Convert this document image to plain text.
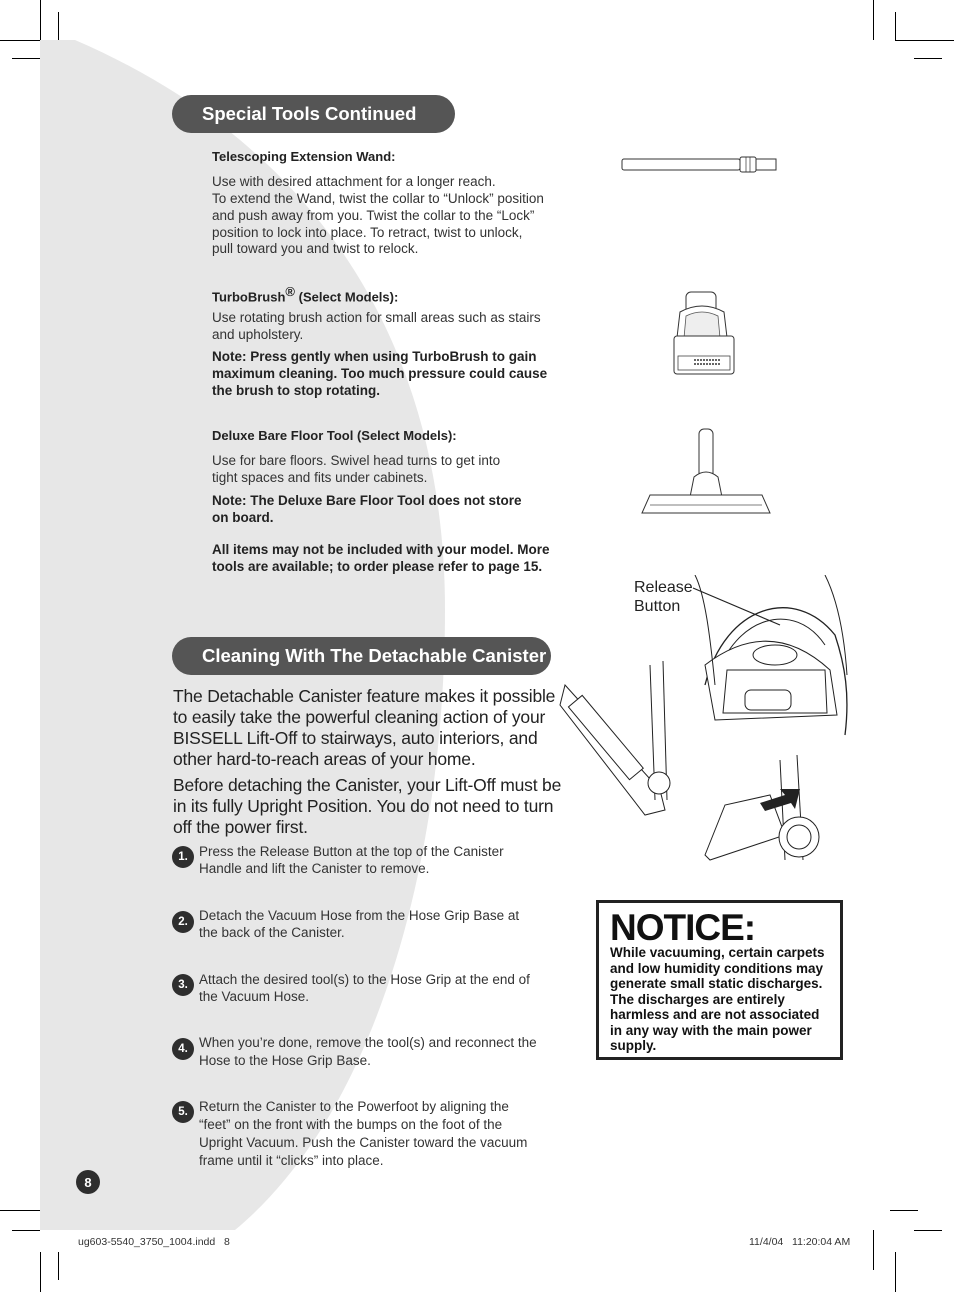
Special Tools Continued
Telescoping Extension Wand:
Use with desired attachment for a longer reach.
To extend the Wand, twist the collar to “Unlock” position
and push away from you. Twist the collar to the “Lock”
position to lock into place. To retract, twist to unlock,
pull toward you and twist to relock.
TurboBrush® (Select Models):
Use rotating brush action for small areas such as stairs
and upholstery.
Note: Press gently when using TurboBrush to gain
maximum cleaning. Too much pressure could cause
the brush to stop rotating.
Deluxe Bare Floor Tool (Select Models):
Use for bare floors. Swivel head turns to get into
tight spaces and fits under cabinets.
Note: The Deluxe Bare Floor Tool does not store
on board.
All items may not be included with your model. More
tools are available; to order please refer to page 15.
Release
Button
Cleaning With The Detachable Canister
The Detachable Canister feature makes it possible
to easily take the powerful cleaning action of your
BISSELL Lift-Off to stairways, auto interiors, and
other hard-to-reach areas of your home.
Before detaching the Canister, your Lift-Off must be
in its fully Upright Position. You do not need to turn
off the power first.
1. Press the Release Button at the top of the Canister
Handle and lift the Canister to remove.
2. Detach the Vacuum Hose from the Hose Grip Base at
the back of the Canister.
3. Attach the desired tool(s) to the Hose Grip at the end of
the Vacuum Hose.
4. When you’re done, remove the tool(s) and reconnect the
Hose to the Hose Grip Base.
5. Return the Canister to the Powerfoot by aligning the
“feet” on the front with the bumps on the foot of the
Upright Vacuum. Push the Canister toward the vacuum
frame until it “clicks” into place.
NOTICE:
While vacuuming, certain carpets and low humidity conditions may generate small static discharges. The discharges are entirely harmless and are not associated in any way with the main power supply.
8
ug603-5540_3750_1004.indd   8	11/4/04   11:20:04 AM
